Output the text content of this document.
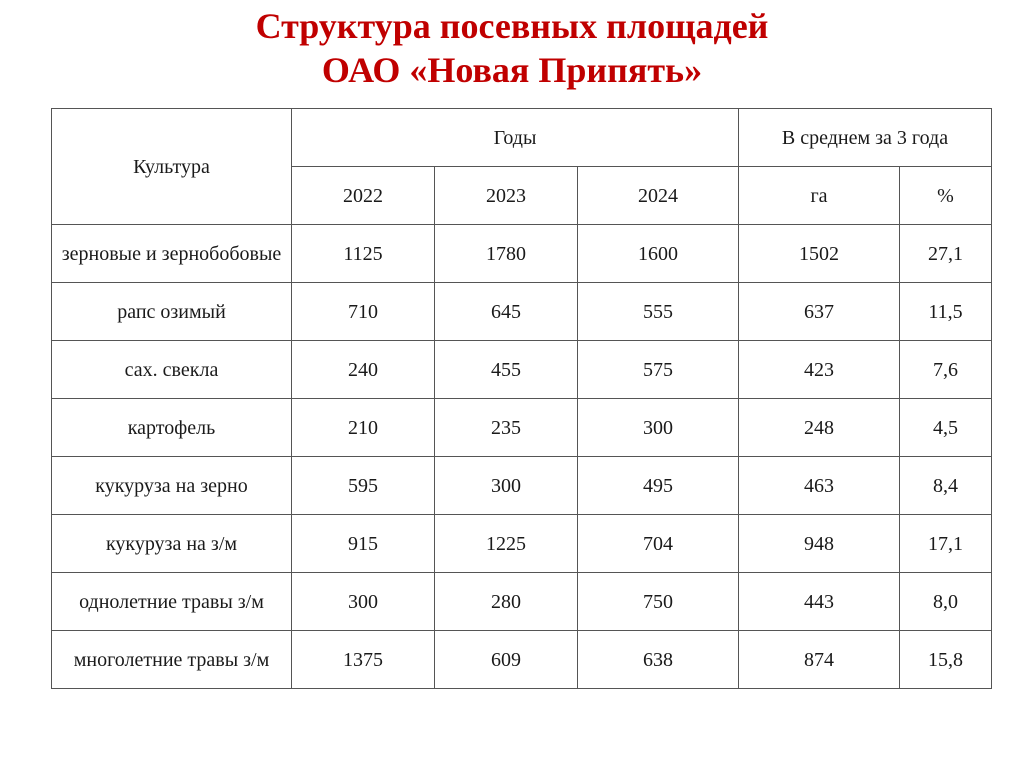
Структура посевных площадей
ОАО «Новая Припять»
Культура	Годы			В среднем за 3 года	
	2022	2023	2024	га	%
зерновые и зернобобовые	1125	1780	1600	1502	27,1
рапс озимый	710	645	555	637	11,5
сах. свекла	240	455	575	423	7,6
картофель	210	235	300	248	4,5
кукуруза на зерно	595	300	495	463	8,4
кукуруза на з/м	915	1225	704	948	17,1
однолетние травы з/м	300	280	750	443	8,0
многолетние травы з/м	1375	609	638	874	15,8
